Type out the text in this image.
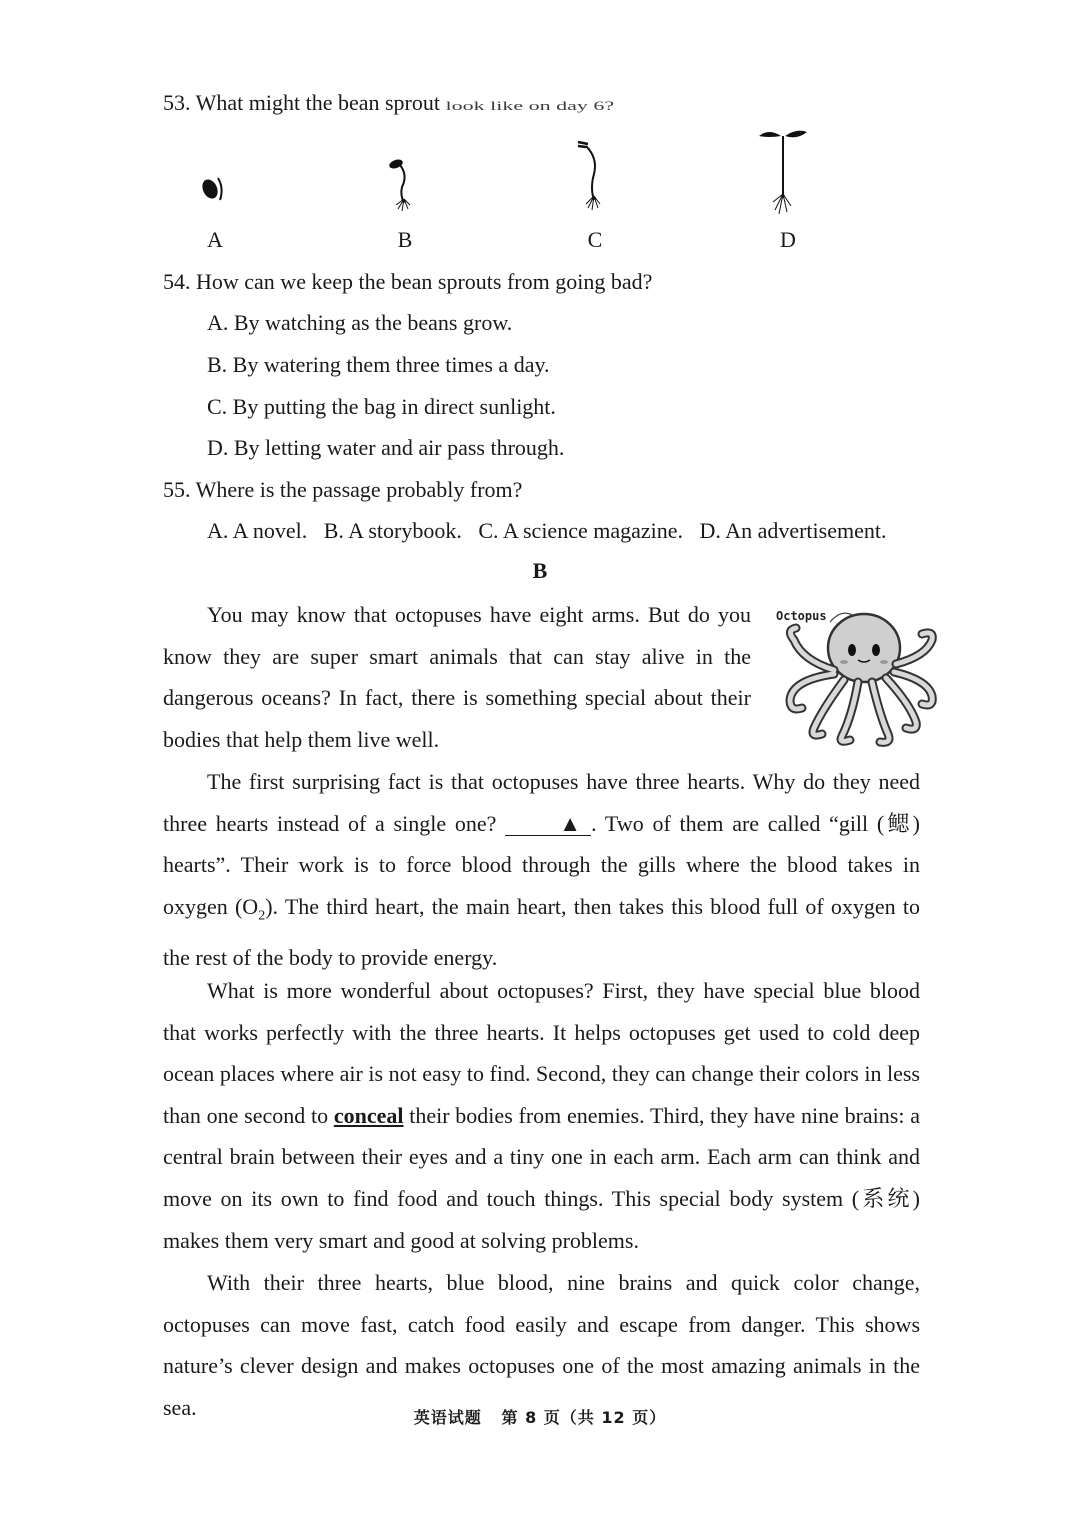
53. What might the bean sprout look like on day 6?
A	B	C	D
54. How can we keep the bean sprouts from going bad?
A. By watching as the beans grow.
B. By watering them three times a day.
C. By putting the bag in direct sunlight.
D. By letting water and air pass through.
55. Where is the passage probably from?
A. A novel.   B. A storybook.   C. A science magazine.   D. An advertisement.
B
Octopus

You may know that octopuses have eight arms. But do you know they are super smart animals that can stay alive in the dangerous oceans? In fact, there is something special about their bodies that help them live well.

The first surprising fact is that octopuses have three hearts. Why do they need three hearts instead of a single one? ▲ . Two of them are called “gill (鳃) hearts”. Their work is to force blood through the gills where the blood takes in oxygen $(O_2)$. The third heart, the main heart, then takes this blood full of oxygen to the rest of the body to provide energy.

What is more wonderful about octopuses? First, they have special blue blood that works perfectly with the three hearts. It helps octopuses get used to cold deep ocean places where air is not easy to find. Second, they can change their colors in less than one second to conceal their bodies from enemies. Third, they have nine brains: a central brain between their eyes and a tiny one in each arm. Each arm can think and move on its own to find food and touch things. This special body system (系统) makes them very smart and good at solving problems.

With their three hearts, blue blood, nine brains and quick color change, octopuses can move fast, catch food easily and escape from danger. This shows nature’s clever design and makes octopuses one of the most amazing animals in the sea.	英语试题   第 8 页（共 12 页）
